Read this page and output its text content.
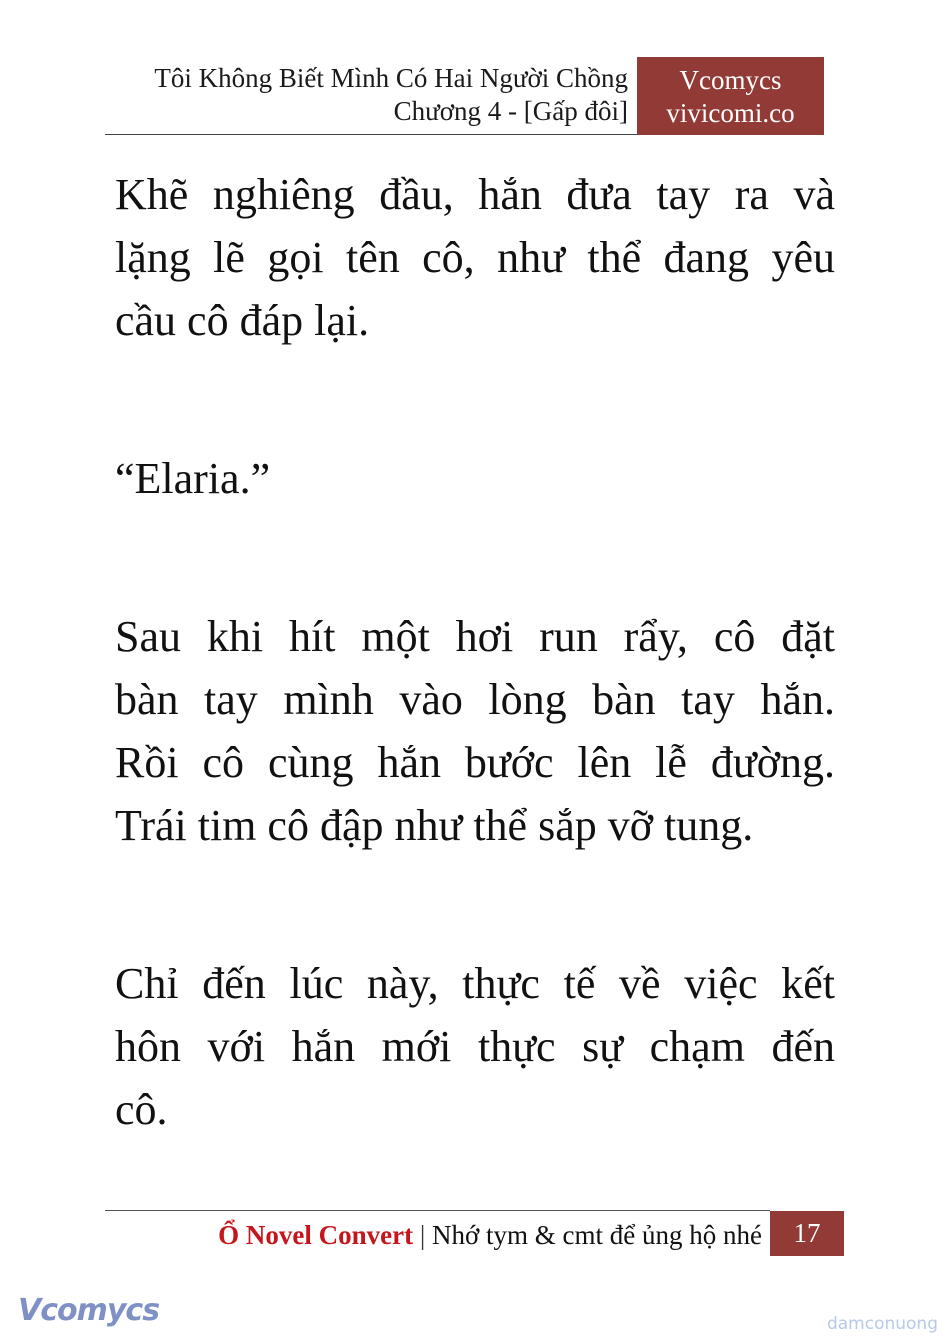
Tôi Không Biết Mình Có Hai Người Chồng
Chương 4 - [Gấp đôi]
Vcomycs
vivicomi.co

Khẽ nghiêng đầu, hắn đưa tay ra và
lặng lẽ gọi tên cô, như thể đang yêu
cầu cô đáp lại.

“Elaria.”

Sau khi hít một hơi run rẩy, cô đặt
bàn tay mình vào lòng bàn tay hắn.
Rồi cô cùng hắn bước lên lễ đường.
Trái tim cô đập như thể sắp vỡ tung.

Chỉ đến lúc này, thực tế về việc kết
hôn với hắn mới thực sự chạm đến
cô.

Ổ Novel Convert | Nhớ tym & cmt để ủng hộ nhé	17
Vcomycs	damconuong
